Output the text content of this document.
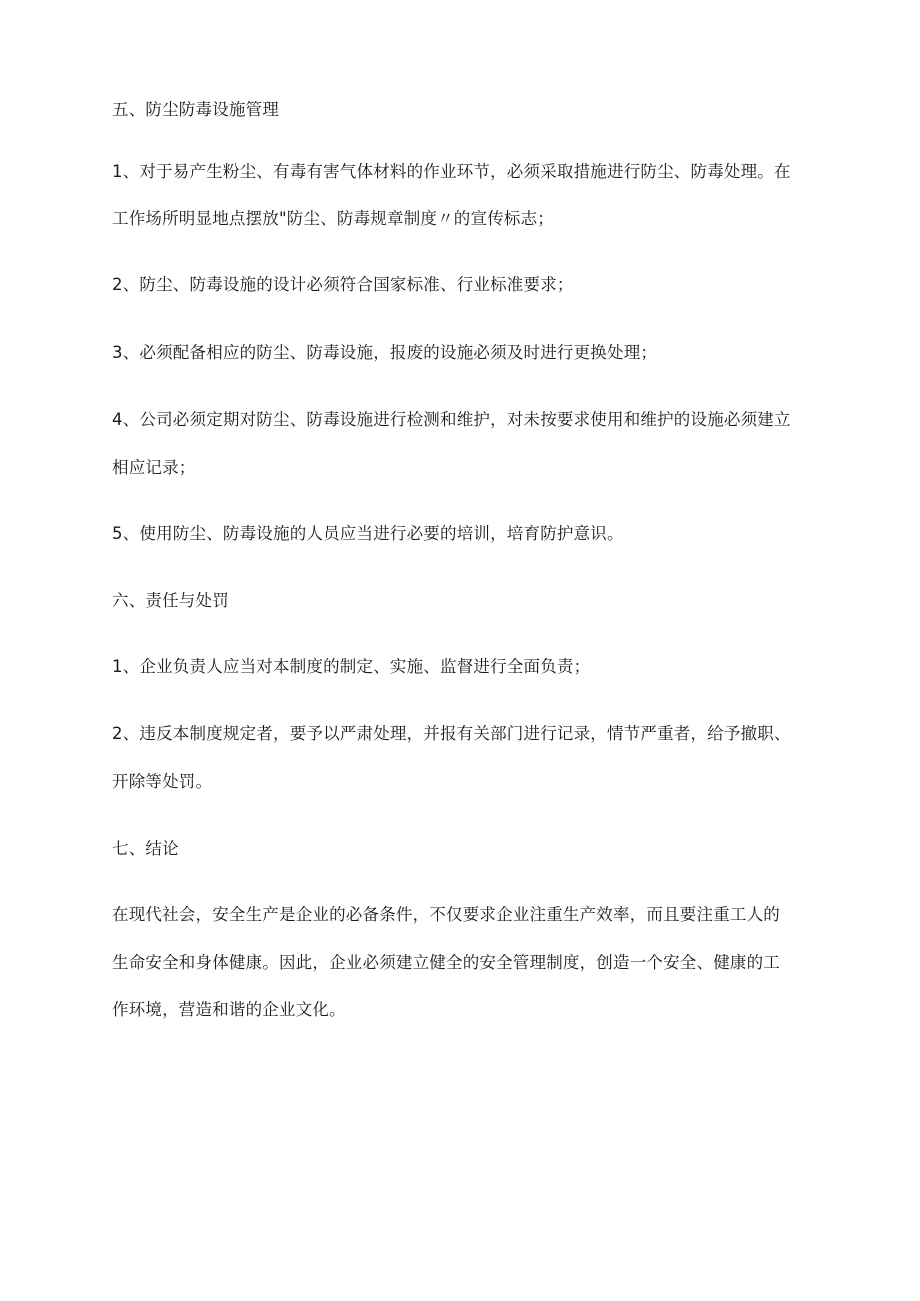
五、防尘防毒设施管理
1、对于易产生粉尘、有毒有害气体材料的作业环节，必须采取措施进行防尘、防毒处理。在
工作场所明显地点摆放"防尘、防毒规章制度〃的宣传标志；
2、防尘、防毒设施的设计必须符合国家标准、行业标准要求；
3、必须配备相应的防尘、防毒设施，报废的设施必须及时进行更换处理；
4、公司必须定期对防尘、防毒设施进行检测和维护，对未按要求使用和维护的设施必须建立
相应记录；
5、使用防尘、防毒设施的人员应当进行必要的培训，培育防护意识。
六、责任与处罚
1、企业负责人应当对本制度的制定、实施、监督进行全面负责；
2、违反本制度规定者，要予以严肃处理，并报有关部门进行记录，情节严重者，给予撤职、
开除等处罚。
七、结论
在现代社会，安全生产是企业的必备条件，不仅要求企业注重生产效率，而且要注重工人的
生命安全和身体健康。因此，企业必须建立健全的安全管理制度，创造一个安全、健康的工
作环境，营造和谐的企业文化。
